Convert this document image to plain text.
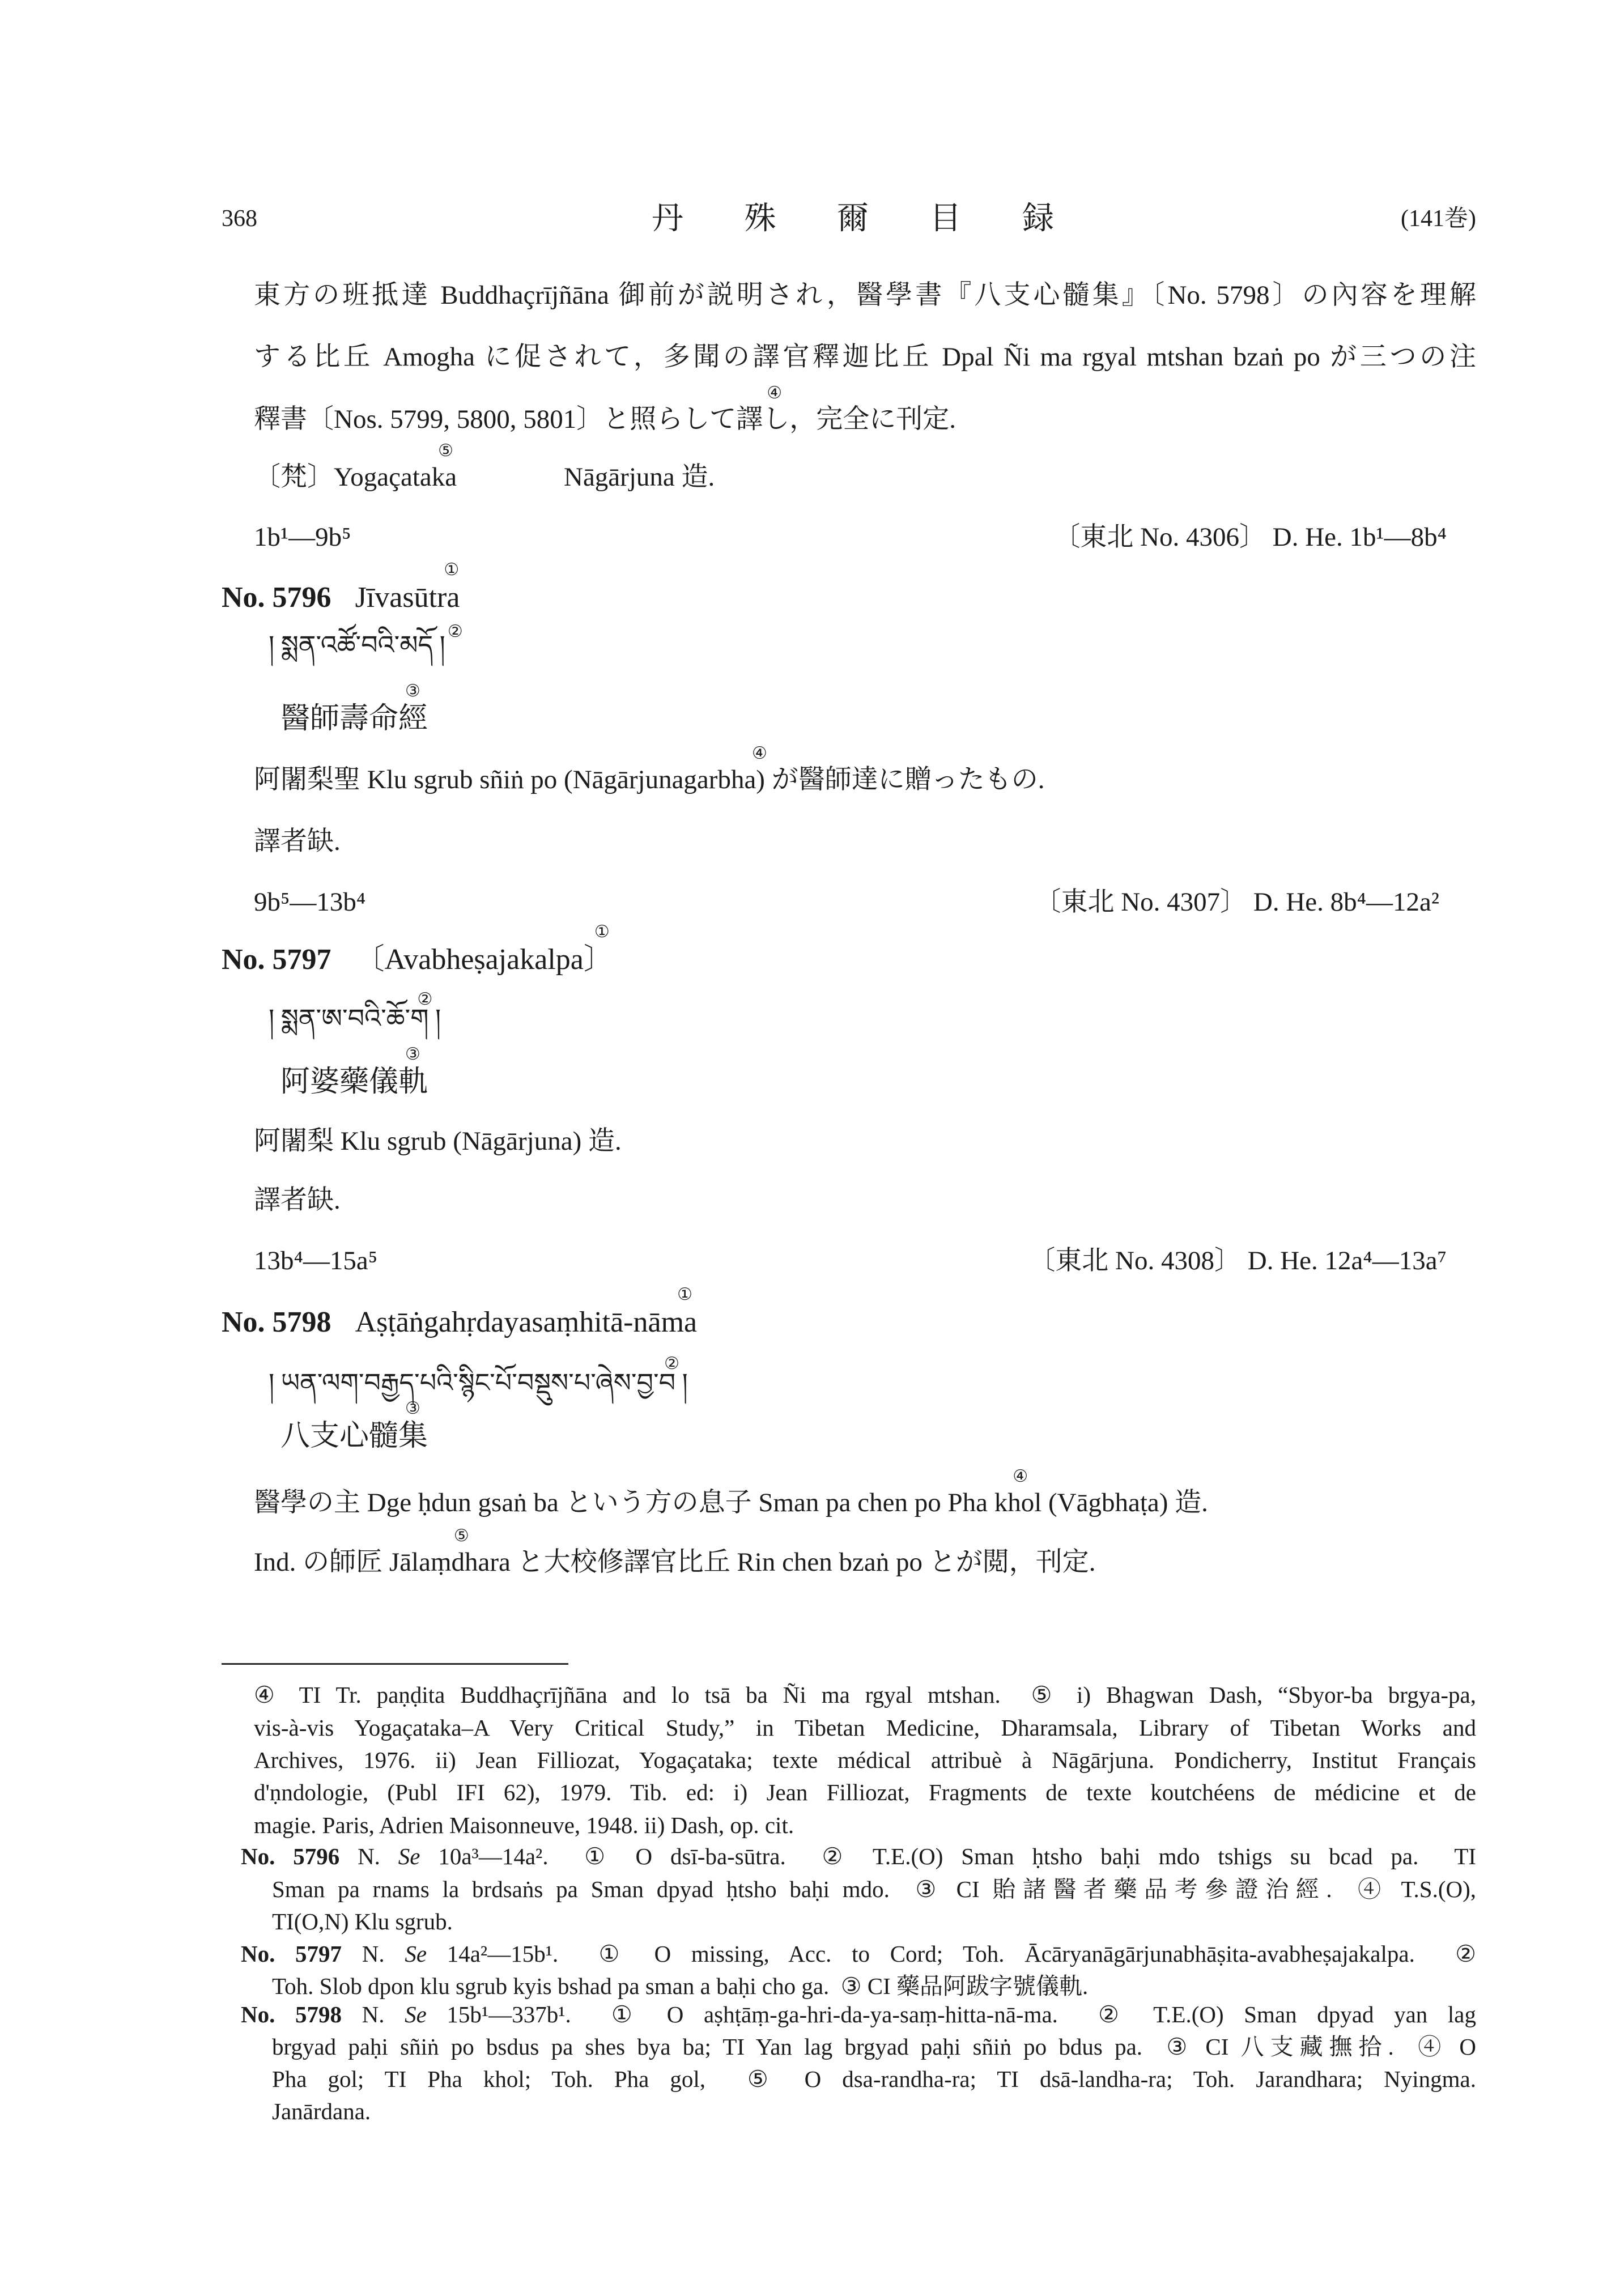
368	丹殊爾目録	(141巻)
東方の班抵達 Buddhaçrījñāna 御前が説明され，醫學書『八支心髓集』〔No. 5798〕の內容を理解
する比丘 Amogha に促されて，多聞の譯官釋迦比丘 Dpal Ñi ma rgyal mtshan bzaṅ po が三つの注
釋書〔Nos. 5799, 5800, 5801〕と照らして譯し④，完全に刊定.
〔梵〕Yogaçataka⑤
Nāgārjuna 造.
1b¹—9b⁵	〔東北 No. 4306〕 D. He. 1b¹—8b⁴
No. 5796 Jīvasūtra①
། སྨན་འཚོ་བའི་མདོ ། ②
醫師壽命經③
阿闍梨聖 Klu sgrub sñiṅ po (Nāgārjunagarbha)④ が醫師達に贈ったもの.
譯者缺.
9b⁵—13b⁴	〔東北 No. 4307〕 D. He. 8b⁴—12a²
No. 5797 〔Avabheṣajakalpa〕①
། སྨན་ཨ་བའི་ཆོ་ག② །
阿婆藥儀軌③
阿闍梨 Klu sgrub (Nāgārjuna) 造.
譯者缺.
13b⁴—15a⁵	〔東北 No. 4308〕 D. He. 12a⁴—13a⁷
No. 5798 Aṣṭāṅgahṛdayasaṃhitā-nāma①
། ཡན་ལག་བརྒྱད་པའི་སྙིང་པོ་བསྡུས་པ་ཞེས་བྱ་བ② །
八支心髓集③
醫學の主 Dge ḥdun gsaṅ ba という方の息子 Sman pa chen po Pha khol④ (Vāgbhaṭa) 造.
Ind. の師匠 Jālaṃdhara⑤ と大校修譯官比丘 Rin chen bzaṅ po とが閲，刊定.
④ TI Tr. paṇḍita Buddhaçrījñāna and lo tsā ba Ñi ma rgyal mtshan.  ⑤ i) Bhagwan Dash, “Sbyor-ba brgya-pa,
vis-à-vis Yogaçataka–A Very Critical Study,” in Tibetan Medicine, Dharamsala, Library of Tibetan Works and
Archives, 1976. ii) Jean Filliozat, Yogaçataka; texte médical attribuè à Nāgārjuna. Pondicherry, Institut Français
d'ṇndologie, (Publ IFI 62), 1979. Tib. ed: i) Jean Filliozat, Fragments de texte koutchéens de médicine et de
magie. Paris, Adrien Maisonneuve, 1948. ii) Dash, op. cit.
No. 5796 N. Se 10a³—14a².  ① O dsī-ba-sūtra.  ② T.E.(O) Sman ḥtsho baḥi mdo tshigs su bcad pa.  TI
Sman pa rnams la brdsaṅs pa Sman dpyad ḥtsho baḥi mdo.  ③ CI 貽諸醫者藥品考參證治經.  ④ T.S.(O),
TI(O,N) Klu sgrub.
No. 5797 N. Se 14a²—15b¹.  ① O missing, Acc. to Cord; Toh. Ācāryanāgārjunabhāṣita-avabheṣajakalpa.  ②
Toh. Slob dpon klu sgrub kyis bshad pa sman a baḥi cho ga.  ③ CI 藥品阿跋字號儀軌.
No. 5798 N. Se 15b¹—337b¹.  ① O aṣhṭāṃ-ga-hri-da-ya-saṃ-hitta-nā-ma.  ② T.E.(O) Sman dpyad yan lag
brgyad paḥi sñiṅ po bsdus pa shes bya ba; TI Yan lag brgyad paḥi sñiṅ po bdus pa.  ③ CI 八支藏撫拾.  ④ O
Pha gol; TI Pha khol; Toh. Pha gol,  ⑤ O dsa-randha-ra; TI dsā-landha-ra; Toh. Jarandhara; Nyingma.
Janārdana.
